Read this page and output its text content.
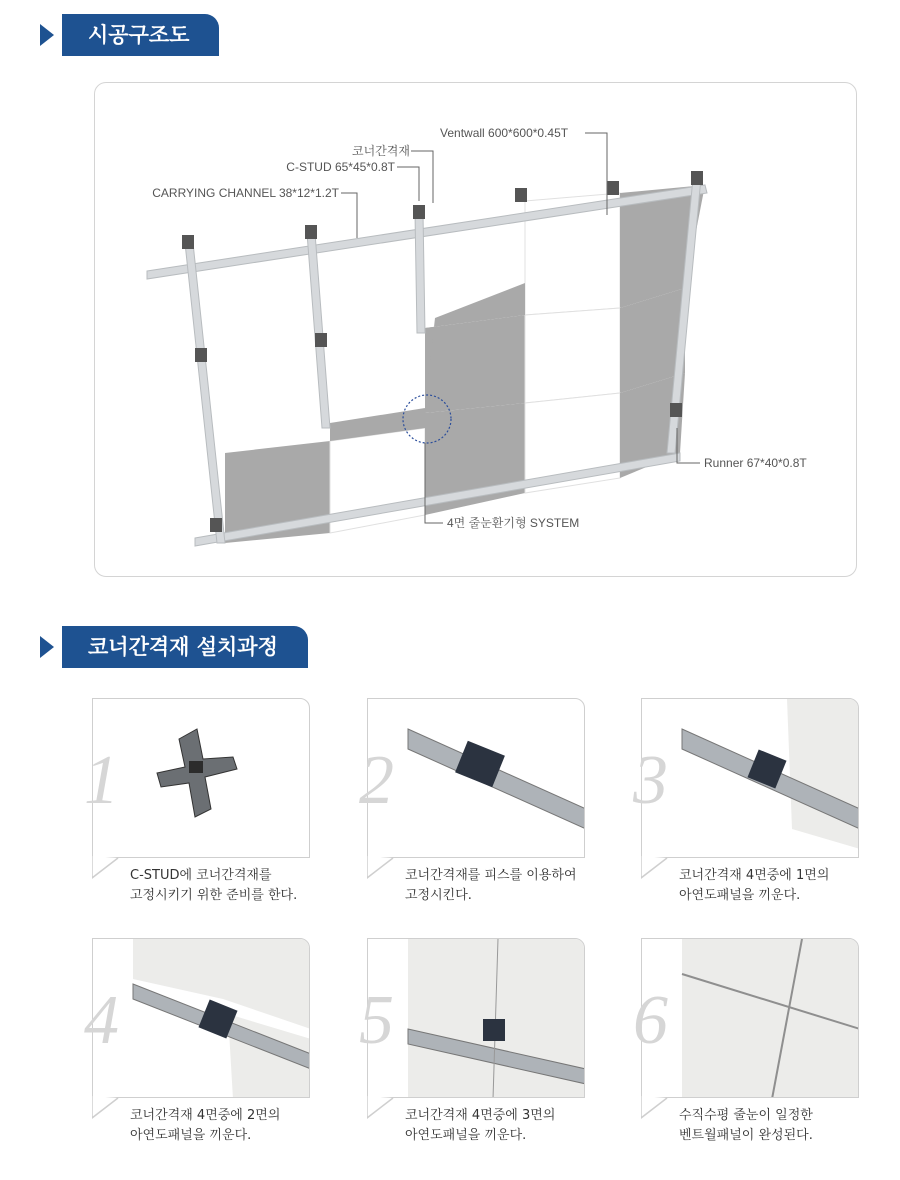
시공구조도
코너간격재
C-STUD 65*45*0.8T
CARRYING CHANNEL 38*12*1.2T
Ventwall 600*600*0.45T
Runner 67*40*0.8T
4면 줄눈환기형 SYSTEM
코너간격재 설치과정
1
C-STUD에 코너간격재를
고정시키기 위한 준비를 한다.
2
코너간격재를 피스를 이용하여
고정시킨다.
3
코너간격재 4면중에 1면의
아연도패널을 끼운다.
4
코너간격재 4면중에 2면의
아연도패널을 끼운다.
5
코너간격재 4면중에 3면의
아연도패널을 끼운다.
6
수직수평 줄눈이 일정한
벤트월패널이 완성된다.
